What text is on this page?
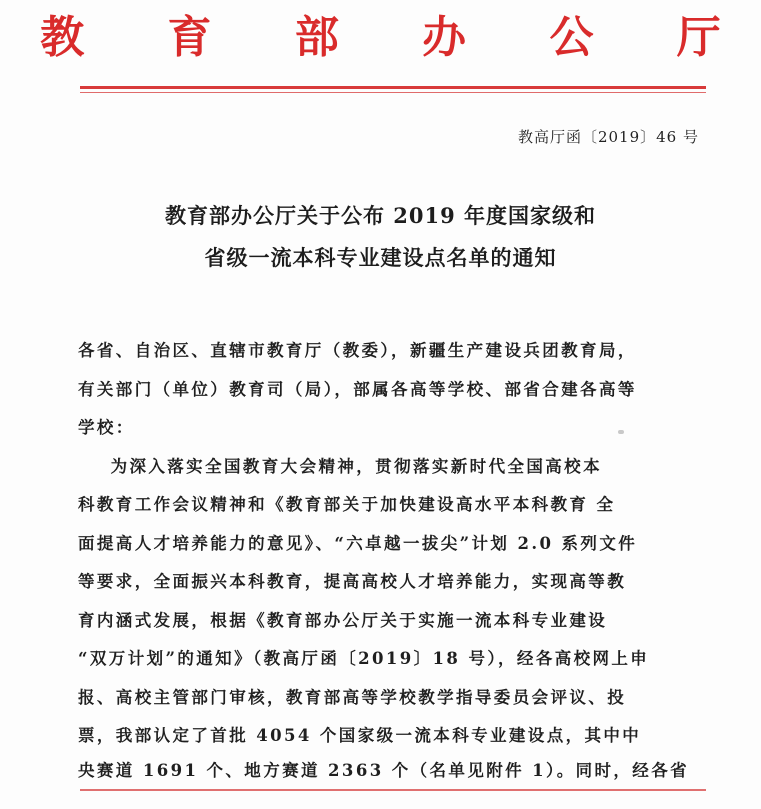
教 育 部 办 公 厅
教高厅函〔2019〕46 号
教育部办公厅关于公布 2019 年度国家级和
省级一流本科专业建设点名单的通知
各省、自治区、直辖市教育厅（教委），新疆生产建设兵团教育局，
有关部门（单位）教育司（局），部属各高等学校、部省合建各高等
学校：
为深入落实全国教育大会精神，贯彻落实新时代全国高校本
科教育工作会议精神和《教育部关于加快建设高水平本科教育 全
面提高人才培养能力的意见》、“六卓越一拔尖”计划 2.0 系列文件
等要求，全面振兴本科教育，提高高校人才培养能力，实现高等教
育内涵式发展，根据《教育部办公厅关于实施一流本科专业建设
“双万计划”的通知》（教高厅函〔2019〕18 号），经各高校网上申
报、高校主管部门审核，教育部高等学校教学指导委员会评议、投
票，我部认定了首批 4054 个国家级一流本科专业建设点，其中中
央赛道 1691 个、地方赛道 2363 个（名单见附件 1）。同时，经各省
